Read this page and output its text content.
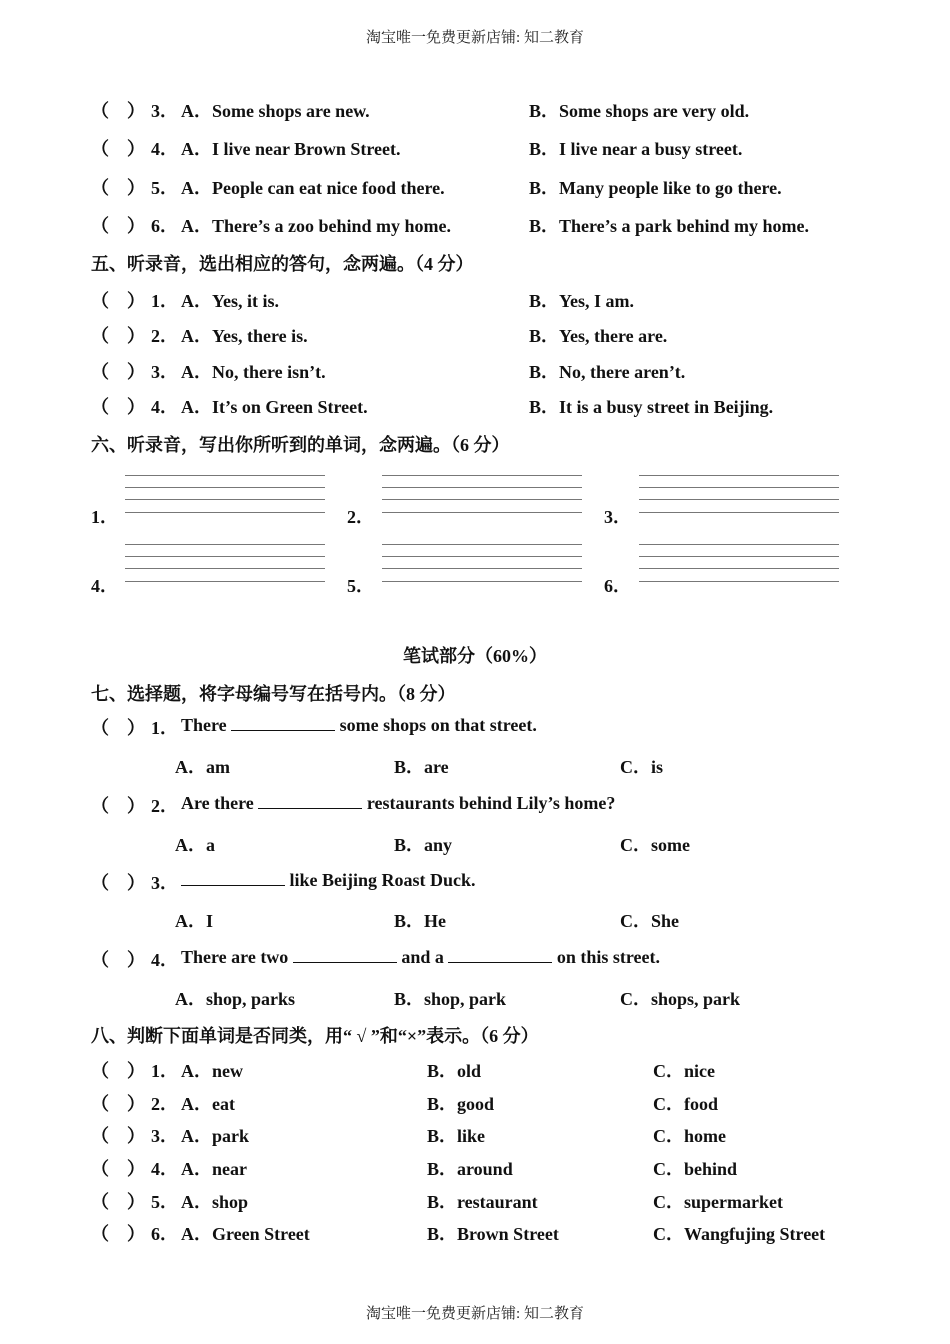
淘宝唯一免费更新店铺: 知二教育
（　） 3． A．Some shops are new.	B．Some shops are very old.
（　） 4． A．I live near Brown Street.	B．I live near a busy street.
（　） 5． A．People can eat nice food there.	B．Many people like to go there.
（　） 6． A．There’s a zoo behind my home.	B．There’s a park behind my home.
五、听录音，选出相应的答句，念两遍。（4 分）
（　） 1． A．Yes, it is.	B．Yes, I am.
（　） 2． A．Yes, there is.	B．Yes, there are.
（　） 3． A．No, there isn’t.	B．No, there aren’t.
（　） 4． A．It’s on Green Street.	B．It is a busy street in Beijing.
六、听录音，写出你所听到的单词，念两遍。（6 分）
1．	2．	3．
4．	5．	6．
笔试部分（60%）
七、选择题，将字母编号写在括号内。（8 分）
（　） 1． There	some shops on that street.
A．am	B．are	C．is
（　） 2． Are there	restaurants behind Lily’s home?
A．a	B．any	C．some
（　） 3．	like Beijing Roast Duck.
A．I	B．He	C．She
（　） 4． There are two	and a	on this street.
A．shop, parks	B．shop, park	C．shops, park
八、判断下面单词是否同类，用“ √ ”和“×”表示。（6 分）
（　） 1． A．new	B．old	C．nice
（　） 2． A．eat	B．good	C．food
（　） 3． A．park	B．like	C．home
（　） 4． A．near	B．around	C．behind
（　） 5． A．shop	B．restaurant	C．supermarket
（　） 6． A．Green Street	B．Brown Street	C．Wangfujing Street
淘宝唯一免费更新店铺: 知二教育
